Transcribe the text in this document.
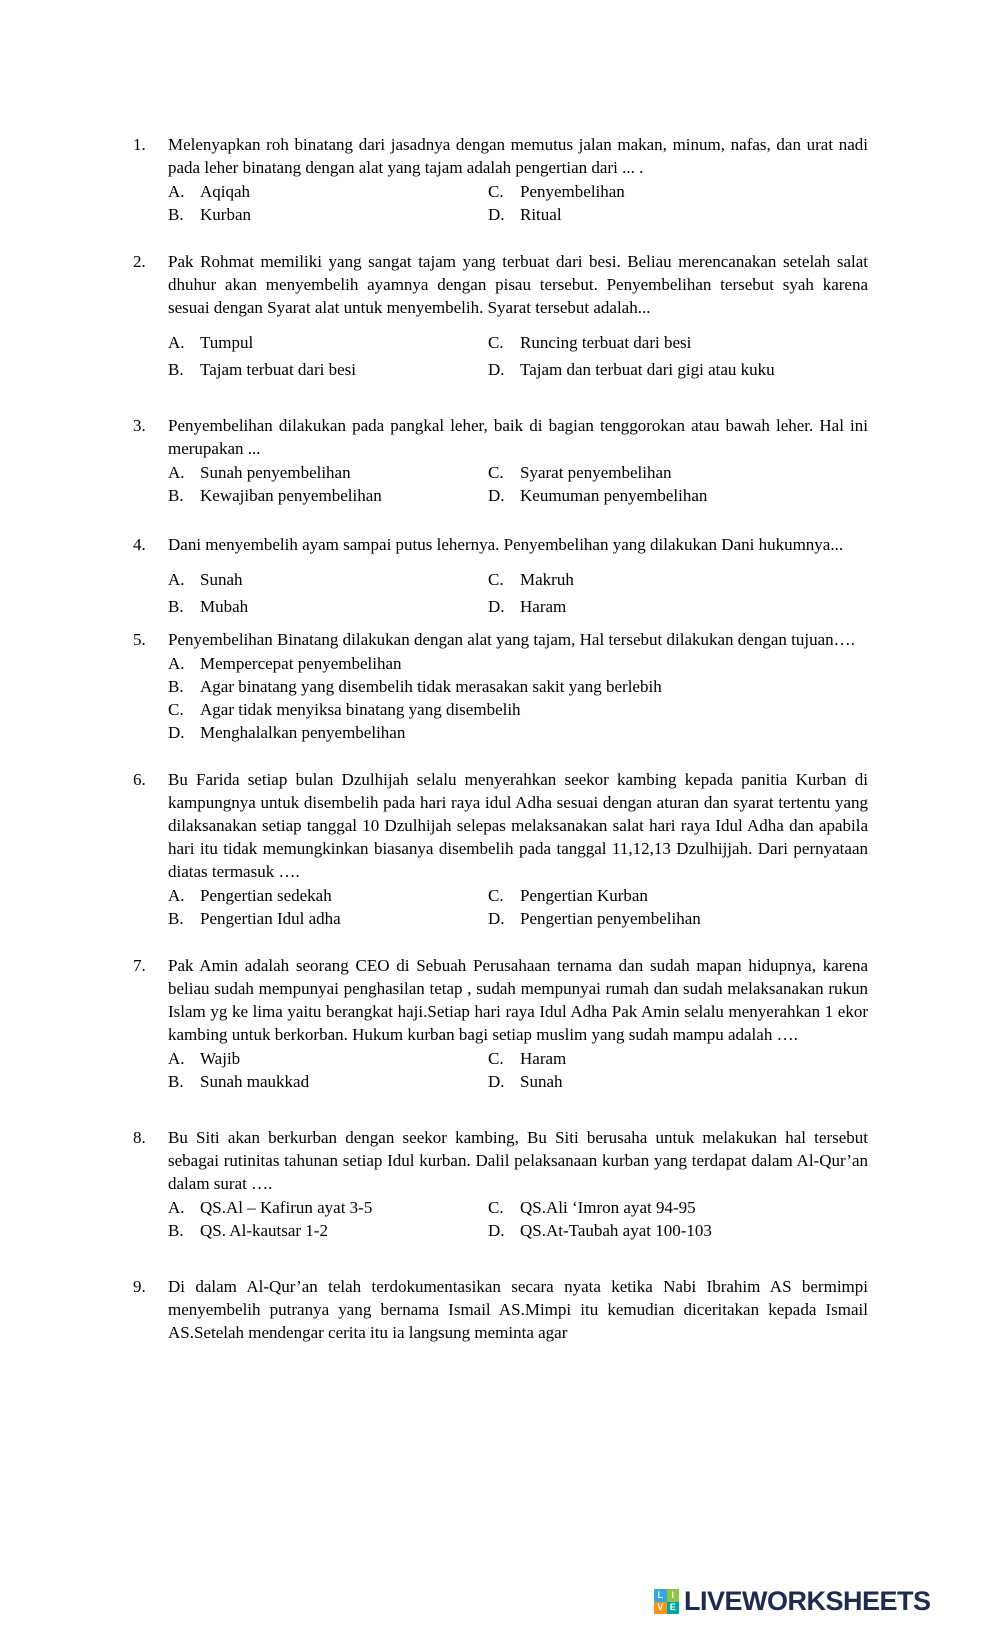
1.	Melenyapkan roh binatang dari jasadnya dengan memutus jalan makan, minum, nafas, dan urat nadi pada leher binatang dengan alat yang tajam adalah pengertian dari ... .

A. Aqiqah	C. Penyembelihan
B. Kurban	D. Ritual
2.	Pak Rohmat memiliki yang sangat tajam yang terbuat dari besi. Beliau merencanakan setelah salat dhuhur akan menyembelih ayamnya dengan pisau tersebut. Penyembelihan tersebut syah karena sesuai dengan Syarat alat untuk menyembelih. Syarat tersebut adalah...

A. Tumpul	C. Runcing terbuat dari besi
B. Tajam terbuat dari besi	D. Tajam dan terbuat dari gigi atau kuku
3.	Penyembelihan dilakukan pada pangkal leher, baik di bagian tenggorokan atau bawah leher. Hal ini merupakan ...

A. Sunah penyembelihan	C. Syarat penyembelihan
B. Kewajiban penyembelihan	D. Keumuman penyembelihan
4.	Dani menyembelih ayam sampai putus lehernya. Penyembelihan yang dilakukan Dani hukumnya...

A. Sunah	C. Makruh
B. Mubah	D. Haram
5.	Penyembelihan Binatang dilakukan dengan alat yang tajam, Hal tersebut dilakukan dengan tujuan….

A. Mempercepat penyembelihan
B. Agar binatang yang disembelih tidak merasakan sakit yang berlebih
C. Agar tidak menyiksa binatang yang disembelih
D. Menghalalkan penyembelihan
6.	Bu Farida setiap bulan Dzulhijah selalu menyerahkan seekor kambing kepada panitia Kurban di kampungnya untuk disembelih pada hari raya idul Adha sesuai dengan aturan dan syarat tertentu yang dilaksanakan setiap tanggal 10 Dzulhijah selepas melaksanakan salat hari raya Idul Adha dan apabila hari itu tidak memungkinkan biasanya disembelih pada tanggal 11,12,13 Dzulhijjah. Dari pernyataan diatas termasuk ….

A. Pengertian sedekah	C. Pengertian Kurban
B. Pengertian Idul adha	D. Pengertian penyembelihan
7.	Pak Amin adalah seorang CEO di Sebuah Perusahaan ternama dan sudah mapan hidupnya, karena beliau sudah mempunyai penghasilan tetap , sudah mempunyai rumah dan sudah melaksanakan rukun Islam yg ke lima yaitu berangkat haji.Setiap hari raya Idul Adha Pak Amin selalu menyerahkan 1 ekor kambing untuk berkorban. Hukum kurban bagi setiap muslim yang sudah mampu adalah ….

A. Wajib	C. Haram
B. Sunah maukkad	D. Sunah
8.	Bu Siti akan berkurban dengan seekor kambing, Bu Siti berusaha untuk melakukan hal tersebut sebagai rutinitas tahunan setiap Idul kurban. Dalil pelaksanaan kurban yang terdapat dalam Al-Qur’an dalam surat ….

A. QS.Al – Kafirun ayat 3-5	C. QS.Ali ‘Imron ayat 94-95
B. QS. Al-kautsar 1-2	D. QS.At-Taubah ayat 100-103
9.	Di dalam Al-Qur’an telah terdokumentasikan secara nyata ketika Nabi Ibrahim AS bermimpi menyembelih putranya yang bernama Ismail AS.Mimpi itu kemudian diceritakan kepada Ismail AS.Setelah mendengar cerita itu ia langsung meminta agar

L I
V E LIVEWORKSHEETS
